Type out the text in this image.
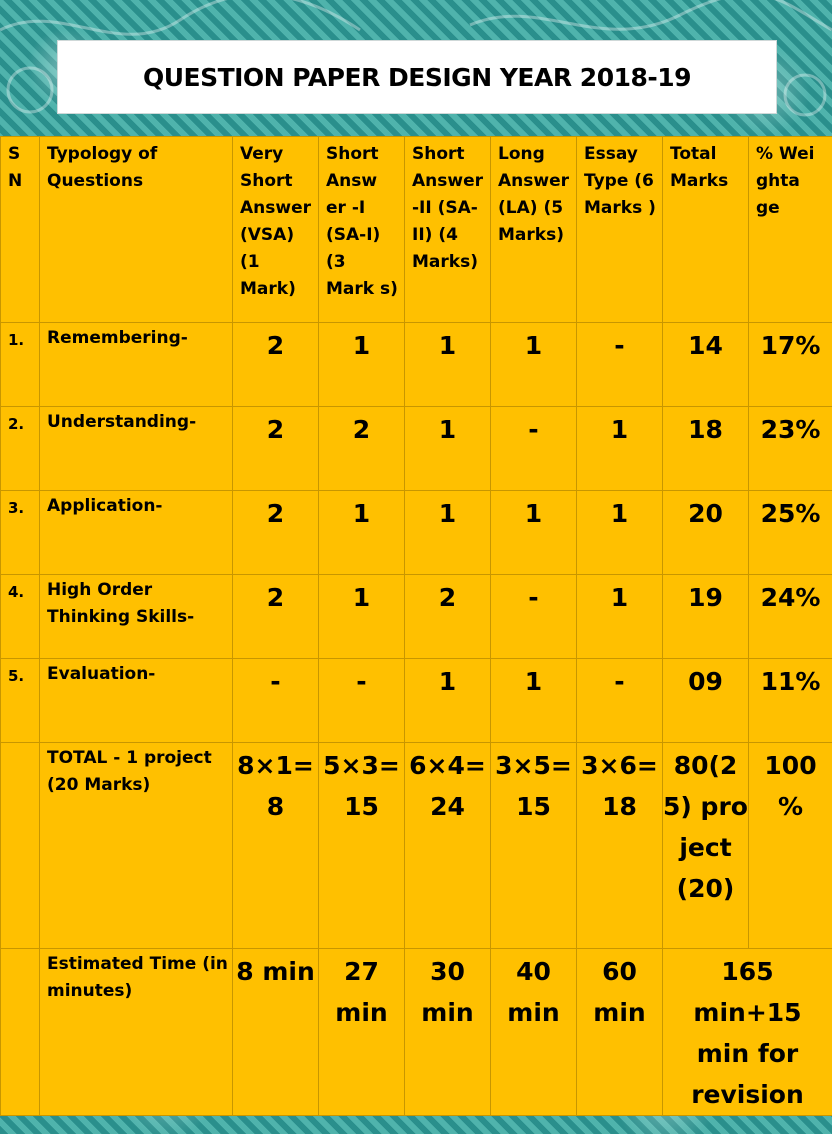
QUESTION PAPER DESIGN YEAR 2018-19
S N	Typology of Questions	Very Short Answer (VSA) (1 Mark)	Short Answ er -I (SA-I) (3 Mark s)	Short Answer -II (SA-II) (4 Marks)	Long Answer (LA) (5 Marks)	Essay Type (6 Marks )	Total Marks	% Wei ghta ge
1.	Remembering-	2	1	1	1	-	14	17%
2.	Understanding-	2	2	1	-	1	18	23%
3.	Application-	2	1	1	1	1	20	25%
4.	High Order Thinking Skills-	2	1	2	-	1	19	24%
5.	Evaluation-	-	-	1	1	-	09	11%
	TOTAL - 1 project (20 Marks)	8×1=8	5×3= 15	6×4= 24	3×5= 15	3×6= 18	80(25) project (20)	100 %
	Estimated Time (in minutes)	8 min	27 min	30 min	40 min	60 min	165 min+15 min for revision	
